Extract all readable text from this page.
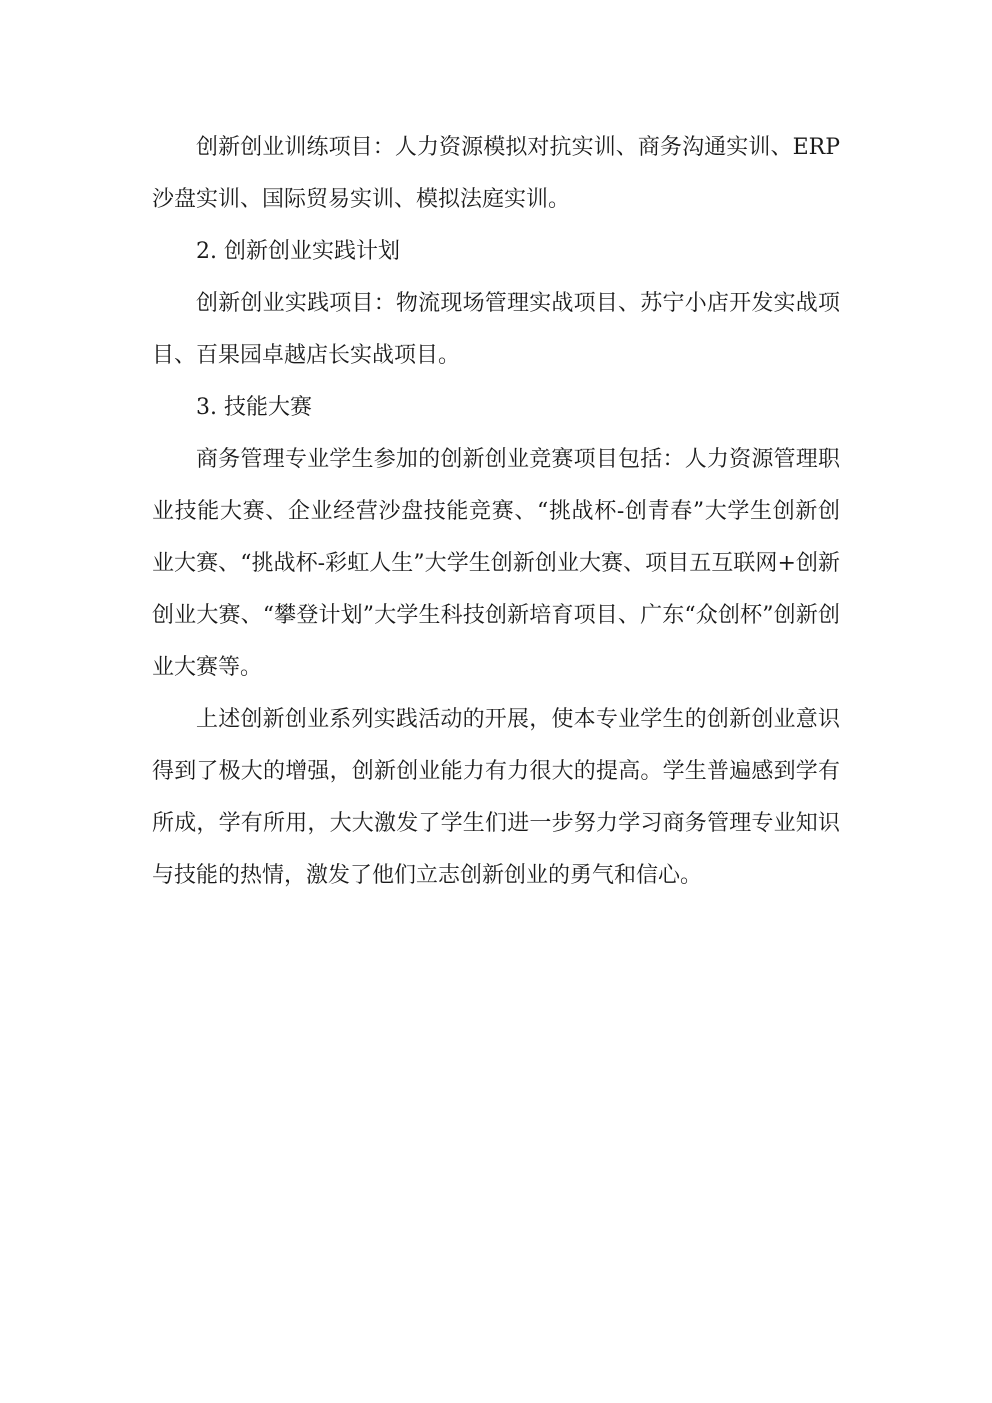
创新创业训练项目：人力资源模拟对抗实训、商务沟通实训、ERP沙盘实训、国际贸易实训、模拟法庭实训。

2. 创新创业实践计划

创新创业实践项目：物流现场管理实战项目、苏宁小店开发实战项目、百果园卓越店长实战项目。

3. 技能大赛

商务管理专业学生参加的创新创业竞赛项目包括：人力资源管理职业技能大赛、企业经营沙盘技能竞赛、“挑战杯-创青春”大学生创新创业大赛、“挑战杯-彩虹人生”大学生创新创业大赛、项目五互联网+创新创业大赛、“攀登计划”大学生科技创新培育项目、广东“众创杯”创新创业大赛等。

上述创新创业系列实践活动的开展，使本专业学生的创新创业意识得到了极大的增强，创新创业能力有力很大的提高。学生普遍感到学有所成，学有所用，大大激发了学生们进一步努力学习商务管理专业知识与技能的热情，激发了他们立志创新创业的勇气和信心。
